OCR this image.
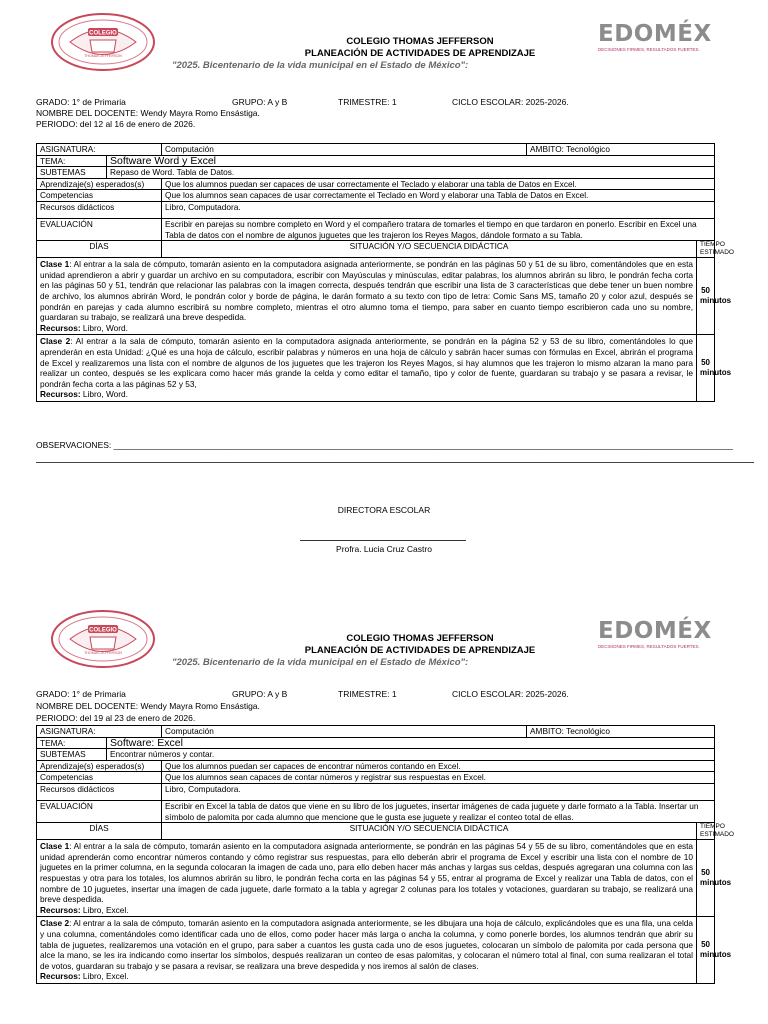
COLEGIO
THOMAS JEFFERSON
EDOMÉX
DECISIONES FIRMES, RESULTADOS FUERTES.
COLEGIO THOMAS JEFFERSON
PLANEACIÓN DE ACTIVIDADES DE APRENDIZAJE
"2025. Bicentenario de la vida municipal en el Estado de México":
GRADO: 1° de Primaria	GRUPO: A y B	TRIMESTRE: 1	CICLO ESCOLAR: 2025-2026.
NOMBRE DEL DOCENTE: Wendy Mayra Romo Ensástiga.
PERIODO: del 12 al 16 de enero de 2026.
ASIGNATURA:		Computación	AMBITO: Tecnológico	
TEMA:	Software Word y Excel			
SUBTEMAS	Repaso de Word. Tabla de Datos.			
Aprendizaje(s) esperados(s)		Que los alumnos puedan ser capaces de usar correctamente el Teclado y elaborar una tabla de Datos en Excel.		
Competencias		Que los alumnos sean capaces de usar correctamente el Teclado en Word y elaborar una Tabla de Datos en Excel.		
Recursos didácticos		Libro, Computadora.		
EVALUACIÓN		Escribir en parejas su nombre completo en Word y el compañero tratara de tomarles el tiempo en que tardaron en ponerlo. Escribir en Excel una Tabla de datos con el nombre de algunos juguetes que les trajeron los Reyes Magos, dándole formato a su Tabla.		
DÍAS		SITUACIÓN Y/O SECUENCIA DIDÁCTICA		TIEMPO ESTIMADO
Clase 1: Al entrar a la sala de cómputo, tomarán asiento en la computadora asignada anteriormente, se pondrán en las páginas 50 y 51 de su libro, comentándoles que en esta unidad aprendieron a abrir y guardar un archivo en su computadora, escribir con Mayúsculas y minúsculas, editar palabras, los alumnos abrirán su libro, le pondrán fecha corta en las páginas 50 y 51, tendrán que relacionar las palabras con la imagen correcta, después tendrán que escribir una lista de 3 características que debe tener un buen nombre de archivo, los alumnos abrirán Word, le pondrán color y borde de página, le darán formato a su texto con tipo de letra: Comic Sans MS, tamaño 20 y color azul, después se pondrán en parejas y cada alumno escribirá su nombre completo, mientras el otro alumno toma el tiempo, para saber en cuanto tiempo escribieron cada uno su nombre, guardaran su trabajo, se realizará una breve despedida.
Recursos: Libro, Word.				50 minutos
Clase 2: Al entrar a la sala de cómputo, tomarán asiento en la computadora asignada anteriormente, se pondrán en la página 52 y 53 de su libro, comentándoles lo que aprenderán en esta Unidad: ¿Qué es una hoja de cálculo, escribir palabras y números en una hoja de cálculo y sabrán hacer sumas con fórmulas en Excel, abrirán el programa de Excel y realizaremos una lista con el nombre de algunos de los juguetes que les trajeron los Reyes Magos, si hay alumnos que les trajeron lo mismo alzaran la mano para realizar un conteo, después se les explicara como hacer más grande la celda y como editar el tamaño, tipo y color de fuente, guardaran su trabajo y se pasara a revisar, le pondrán fecha corta a las páginas 52 y 53,
Recursos: Libro, Word.				50 minutos
OBSERVACIONES: ___________________________________________________________________________________________________________________________________
DIRECTORA ESCOLAR
Profra. Lucia Cruz Castro
COLEGIO
THOMAS JEFFERSON
EDOMÉX
DECISIONES FIRMES, RESULTADOS FUERTES.
COLEGIO THOMAS JEFFERSON
PLANEACIÓN DE ACTIVIDADES DE APRENDIZAJE
"2025. Bicentenario de la vida municipal en el Estado de México":
GRADO: 1° de Primaria	GRUPO: A y B	TRIMESTRE: 1	CICLO ESCOLAR: 2025-2026.
NOMBRE DEL DOCENTE: Wendy Mayra Romo Ensástiga.
PERIODO: del 19 al 23 de enero de 2026.
ASIGNATURA:		Computación	AMBITO: Tecnológico	
TEMA:	Software: Excel			
SUBTEMAS	Encontrar números y contar.			
Aprendizaje(s) esperados(s)		Que los alumnos puedan ser capaces de encontrar números contando en Excel.		
Competencias		Que los alumnos sean capaces de contar números y registrar sus respuestas en Excel.		
Recursos didácticos		Libro, Computadora.		
EVALUACIÓN		Escribir en Excel la tabla de datos que viene en su libro de los juguetes, insertar imágenes de cada juguete y darle formato a la Tabla. Insertar un símbolo de palomita por cada alumno que mencione que le gusta ese juguete y realizar el conteo total de ellas.		
DÍAS		SITUACIÓN Y/O SECUENCIA DIDÁCTICA		TIEMPO ESTIMADO
Clase 1: Al entrar a la sala de cómputo, tomarán asiento en la computadora asignada anteriormente, se pondrán en las páginas 54 y 55 de su libro, comentándoles que en esta unidad aprenderán como encontrar números contando y cómo registrar sus respuestas, para ello deberán abrir el programa de Excel y escribir una lista con el nombre de 10 juguetes en la primer columna, en la segunda colocaran la imagen de cada uno, para ello deben hacer más anchas y largas sus celdas, después agregaran una columna con las respuestas y otra para los totales, los alumnos abrirán su libro, le pondrán fecha corta en las páginas 54 y 55, entrar al programa de Excel y realizar una Tabla de datos, con el nombre de 10 juguetes, insertar una imagen de cada juguete, darle formato a la tabla y agregar 2 colunas para los totales y votaciones, guardaran su trabajo, se realizará una breve despedida.
Recursos: Libro, Excel.				50 minutos
Clase 2: Al entrar a la sala de cómputo, tomarán asiento en la computadora asignada anteriormente, se les dibujara una hoja de cálculo, explicándoles que es una fila, una celda y una columna, comentándoles como identificar cada uno de ellos, como poder hacer más larga o ancha la columna, y como ponerle bordes, los alumnos tendrán que abrir su tabla de juguetes, realizaremos una votación en el grupo, para saber a cuantos les gusta cada uno de esos juguetes, colocaran un símbolo de palomita por cada persona que alce la mano, se les ira indicando como insertar los símbolos, después realizaran un conteo de esas palomitas, y colocaran el número total al final, con suma realizaran el total de votos, guardaran su trabajo y se pasara a revisar, se realizara una breve despedida y nos iremos al salón de clases.
Recursos: Libro, Excel.				50 minutos
